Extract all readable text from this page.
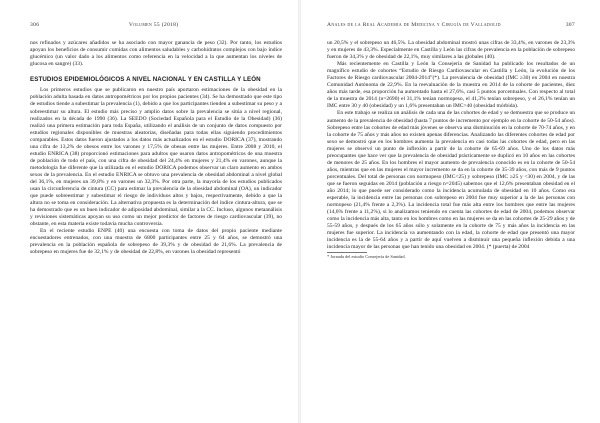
306	Volumen 55 (2018)

nos refinados y azúcares añadidos se ha asociado con mayor ganancia de peso (32). Por tanto, los estudios apoyan los beneficios de consumir comidas con alimentos saludables y carbohidratos complejos con bajo índice glucémico (un valor dado a los alimentos como referencia en la velocidad a la que aumentan los niveles de glucosa en sangre) (33).

ESTUDIOS EPIDEMIOLÓGICOS A NIVEL NACIONAL Y EN CASTILLA Y LEÓN

Los primeros estudios que se publicaron en nuestro país aportaron estimaciones de la obesidad en la población adulta basada en datos antropométricos por los propios pacientes (34). Se ha demostrado que este tipo de estudios tiende a subestimar la prevalencia (1), debido a que los participantes tienden a subestimar su peso y a sobreestimar su altura. El estudio más preciso y amplio datos sobre la prevalencia se sitúa a nivel regional, realizados en la década de 1990 (36). La SEEDO (Sociedad Española para el Estudio de la Obesidad) (36) realizó una primera estimación para toda España, utilizando el análisis de un conjunto de datos compuesto por estudios regionales disponibles de muestras aleatorias, diseñadas para todas ellas siguiendo procedimientos comparables. Estos datos fueron ajustados a los datos más actualizados en el estudio DORICA (37), mostrando una cifra de 13,2% de obesos entre los varones y 17,5% de obesas entre las mujeres. Entre 2008 y 2010, el estudio ENRICA (38) proporcionó estimaciones para adultos que usaron datos antropométricos de una muestra de población de todo el país, con una cifra de obesidad del 24,4% en mujeres y 21,4% en varones, aunque la metodología fue diferente que la utilizada en el estudio DORICA podemos observar un claro aumento en ambos sexos de la prevalencia. En el estudio ENRICA se obtuvo una prevalencia de obesidad abdominal a nivel global del 36,1%, en mujeres un 39,8% y en varones un 32,3%. Por otra parte, la mayoría de los estudios publicados usan la circunferencia de cintura (CC) para estimar la prevalencia de la obesidad abdominal (OA), un indicador que puede sobreestimar y subestimar el riesgo de individuos altos y bajos, respectivamente, debido a que la altura no se toma en consideración. La alternativa propuesta es la determinación del índice cintura-altura, que se ha demostrado que es un buen indicador de adiposidad abdominal, similar a la CC. Incluso, algunos metaanálisis y revisiones sistemáticas apoyan su uso como un mejor predictor de factores de riesgo cardiovascular (39), no obstante, en esta materia existe todavía mucha controversia.

En el reciente estudio ENPE (40) una encuesta con toma de datos del propio paciente mediante encuestadores entrenados, con una muestra de 6800 participantes entre 25 y 64 años, se demostró una prevalencia en la población española de sobrepeso de 39,3% y de obesidad de 21,6%. La prevalencia de sobrepeso en mujeres fue de 32,1% y de obesidad de 22,8%, en varones la obesidad representó

Anales de la Real Academia de Medicina y Cirugía de Valladolid	307

un 20,5% y el sobrepeso un 46,5%. La obesidad abdominal mostró unas cifras de 33,4%, en varones de 23,3% y en mujeres de 43,3%. Especialmente en Castilla y León las cifras de prevalencia en la población de sobrepeso fueron de 34,3% y de obesidad de 22,1%, muy similares a las globales (40).

Más recientemente en Castilla y León la Consejería de Sanidad ha publicado los resultados de un magnífico estudio de cohortes “Estudio de Riesgo Cardiovascular en Castilla y León, la evolución de los Factores de Riesgo cardiovascular 2004-2014”(*). La prevalencia de obesidad (IMC ≥30) en 2004 en nuestra Comunidad Autónoma de 22,9%. En la reevaluación de la muestra en 2014 de la cohorte de pacientes, diez años más tarde, esa proporción ha aumentado hasta el 27,6%, casi 5 puntos porcentuales. Con respecto al total de la muestra de 2014 (n=2690) el 31,1% tenían normopeso, el 41,3% tenían sobrepeso, y el 26,1% tenían un IMC entre 30 y 40 (obesidad) y un 1,6% presentaban un IMC>40 (obesidad mórbida).

En este trabajo se realiza un análisis de cada una de las cohortes de edad y se demuestra que se produce un aumento de la prevalencia de obesidad (hasta 7 puntos de incremento por ejemplo en la cohorte de 50-54 años). Sobrepeso entre las cohortes de edad más jóvenes se observa una disminución en la cohorte de 70-74 años, y en la cohorte de 75 años y más años no existen apenas diferencias. Analizando las diferentes cohortes de edad por sexo se demostró que en los hombres aumenta la prevalencia en casi todas las cohortes de edad, pero en las mujeres se observó un punto de inflexión a partir de la cohorte de 65-69 años. Uno de los datos más preocupantes que hace ver que la prevalencia de obesidad prácticamente se duplicó en 10 años en las cohortes de menores de 25 años. En los hombres el mayor aumento de prevalencia conocido es en la cohorte de 50-54 años, mientras que en las mujeres el mayor incremento se da en la cohorte de 35-39 años, con más de 9 puntos porcentuales. Del total de personas con normopeso (IMC<25) y sobrepeso (IMC ≥25 y <30) en 2004, y de las que se fueron seguidas en 2014 (población a riesgo n=2045) sabemos que el 12,6% presentaban obesidad en el año 2014; lo que puede ser considerado como la incidencia acumulada de obesidad en 10 años. Como era esperable, la incidencia entre las personas con sobrepeso en 2004 fue muy superior a la de las personas con normopeso (21,4% frente a 2,3%). La incidencia total fue más alta entre los hombres que entre las mujeres (14,6% frente a 11,2%), si lo analizamos teniendo en cuenta las cohortes de edad de 2004, podemos observar como la incidencia más alta, tanto en los hombres como en las mujeres se da en las cohortes de 25-29 años y de 55-59 años, y después de los 65 años sólo y solamente en la cohorte de 75 y más años la incidencia en las mujeres fue superior. La incidencia va aumentando con la edad, la cohorte de edad que presentó una mayor incidencia es la de 55-64 años y a partir de aquí vuelven a disminuir una pequeña inflexión debida a una incidencia mayor de las personas que han tenido una obesidad en 2004. (* (puerta) de 2004

* Jornada del estudio Consejería de Sanidad.
